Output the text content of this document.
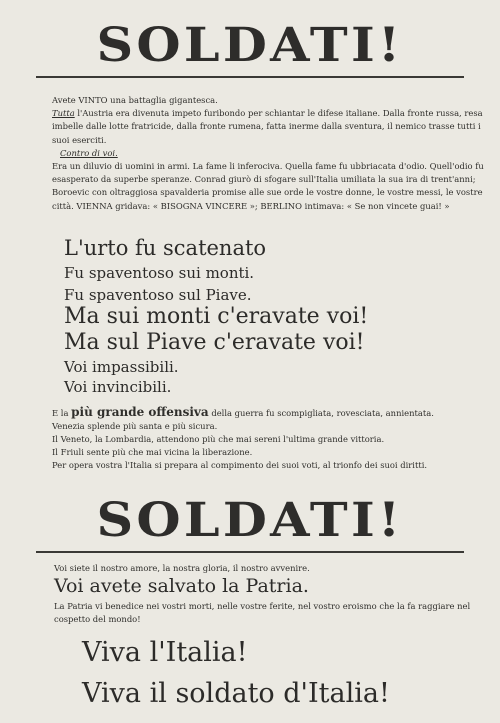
SOLDATI!
Avete VINTO una battaglia gigantesca.
Tutta l'Austria era divenuta impeto furibondo per schiantar le difese italiane. Dalla fronte russa, resa imbelle dalle lotte fratricide, dalla fronte rumena, fatta inerme dalla sventura, il nemico trasse tutti i suoi eserciti.
Contro di voi.
Era un diluvio di uomini in armi. La fame li inferociva. Quella fame fu ubbriacata d'odio. Quell'odio fu esasperato da superbe speranze. Conrad giurò di sfogare sull'Italia umiliata la sua ira di trent'anni; Boroevic con oltraggiosa spavalderia promise alle sue orde le vostre donne, le vostre messi, le vostre città. VIENNA gridava: « BISOGNA VINCERE »; BERLINO intimava: « Se non vincete guai! »
L'urto fu scatenato
Fu spaventoso sui monti.
Fu spaventoso sul Piave.
Ma sui monti c'eravate voi!
Ma sul Piave c'eravate voi!
Voi impassibili.
Voi invincibili.
E la più grande offensiva della guerra fu scompigliata, rovesciata, annientata.
Venezia splende più santa e più sicura.
Il Veneto, la Lombardia, attendono più che mai sereni l'ultima grande vittoria.
Il Friuli sente più che mai vicina la liberazione.
Per opera vostra l'Italia si prepara al compimento dei suoi voti, al trionfo dei suoi diritti.
SOLDATI!
Voi siete il nostro amore, la nostra gloria, il nostro avvenire.
Voi avete salvato la Patria.
La Patria vi benedice nei vostri morti, nelle vostre ferite, nel vostro eroismo che la fa raggiare nel cospetto del mondo!
Viva l'Italia!
Viva il soldato d'Italia!
